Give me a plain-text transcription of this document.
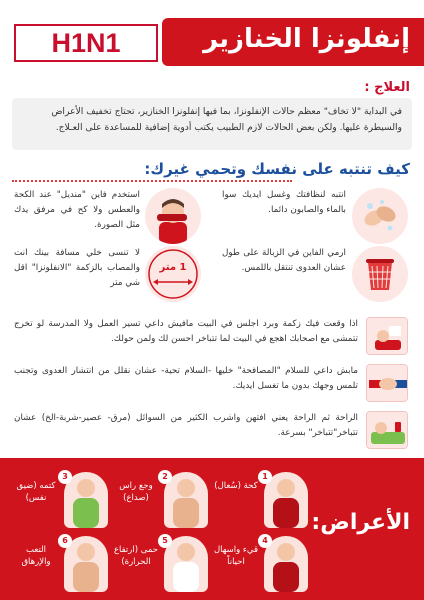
H1N1	إنفلونزا الخنازير
العلاج :
في البداية "لا تخاف" معظم حالات الإنفلونزا، بما فيها إنفلونزا الخنازير، تحتاج تخفيف الأعراض والسيطرة عليها. ولكن بعض الحالات لازم الطبيب يكتب أدوية إضافية للمساعدة على العـلاج.
كيف تنتبه على نفسك وتحمي غيرك:
انتبه لنظافتك وغسل ايديك سوا بالماء والصابون دائما.
استخدم فاين "منديل" عند الكحة والعطس ولا كح في مرفق يدك مثل الصورة.
ارمي الفاين في الزبالة على طول عشان العدوى تنتقل باللمس.
1 متر
لا تنسى خلي مسافة بينك انت والمصاب بالزكمة "الانفلونزا" اقل شي متر
اذا وقعت فيك زكمة وبرد اجلس في البيت مافيش داعي تسير العمل ولا المدرسة لو تخرج تتمشى مع اصحابك اهجع في البيت لما تتباخر احسن لك ولمن حولك.
مابش داعي للسلام "المصافحة" خليها -السلام تحية- عشان نقلل من انتشار العدوى وتجنب تلمس وجهك بدون ما تغسل ايديك.
الراحة ثم الراحة يعني افتهن واشرب الكثير من السوائل (مرق- عصير-شربة-الخ) عشان تتباخر"تتباخر" بسرعة.
الأعراض:
1
كحة (سُعال)
2
وجع راس (صداع)
3
كتمه (ضيق نفس)
4
قيء واسهال احياناً
5
حمى (ارتفاع الحرارة)
6
التعب والإرهاق
